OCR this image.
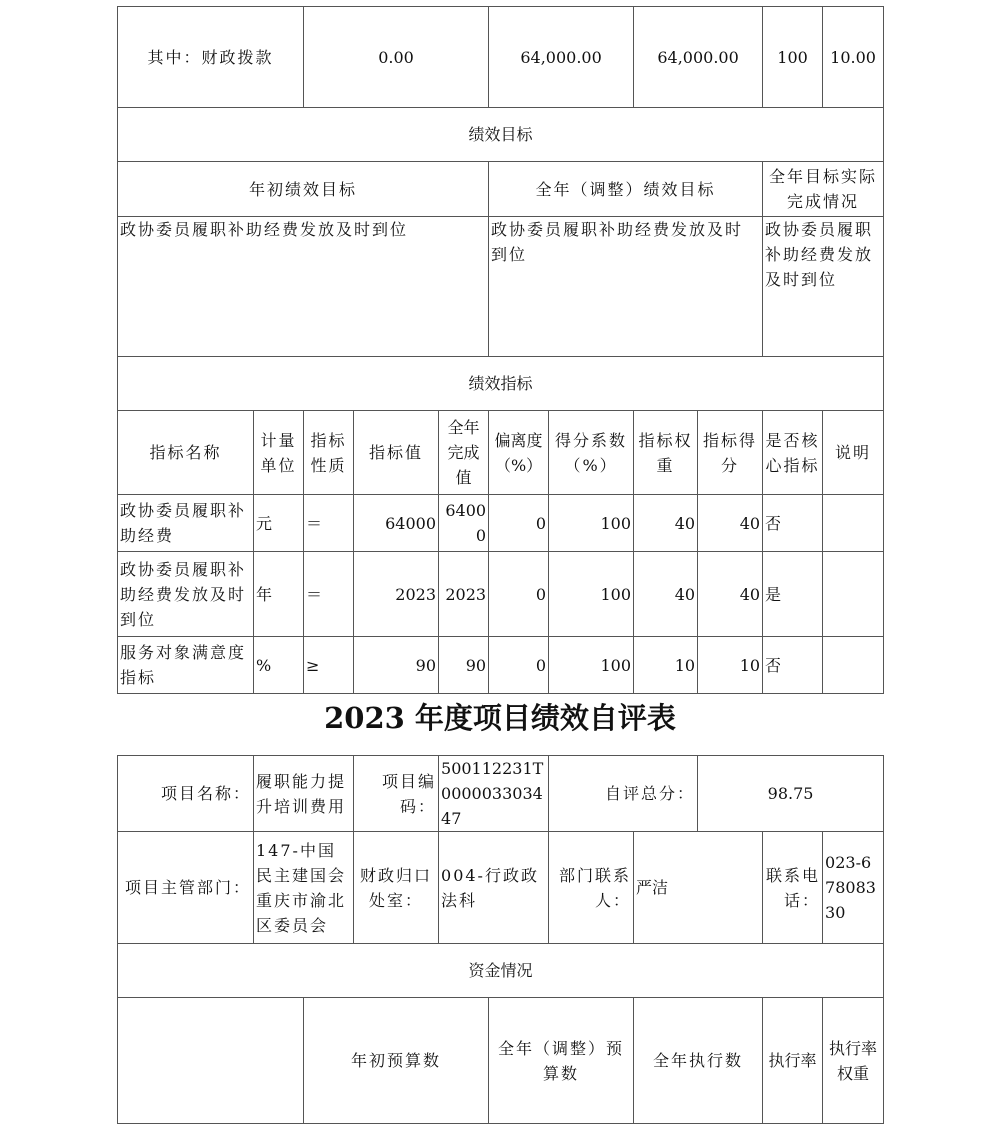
其中：财政拨款		0.00			64,000.00		64,000.00		100	10.00	
绩效目标											
年初绩效目标					全年（调整）绩效目标				全年目标实际完成情况		
政协委员履职补助经费发放及时到位					政协委员履职补助经费发放及时到位				政协委员履职补助经费发放及时到位		
绩效指标											
指标名称	计量单位	指标性质	指标值	全年完成值	偏离度（%）	得分系数（%）	指标权重	指标得分	是否核心指标	说明	
政协委员履职补助经费	元	＝	64000	64000	0	100	40	40	否		
政协委员履职补助经费发放及时到位	年	＝	2023	2023	0	100	40	40	是		
服务对象满意度指标	%	≥	90	90	0	100	10	10	否		
2023 年度项目绩效自评表
项目名称：	履职能力提升培训费用		项目编码：	500112231T000003303447		自评总分：		98.75			
项目主管部门：	147-中国民主建国会重庆市渝北区委员会		财政归口处室：	004-行政政法科		部门联系人：	严洁		联系电话：	023-67808330	
资金情况											
		年初预算数			全年（调整）预算数		全年执行数		执行率	执行率权重	
